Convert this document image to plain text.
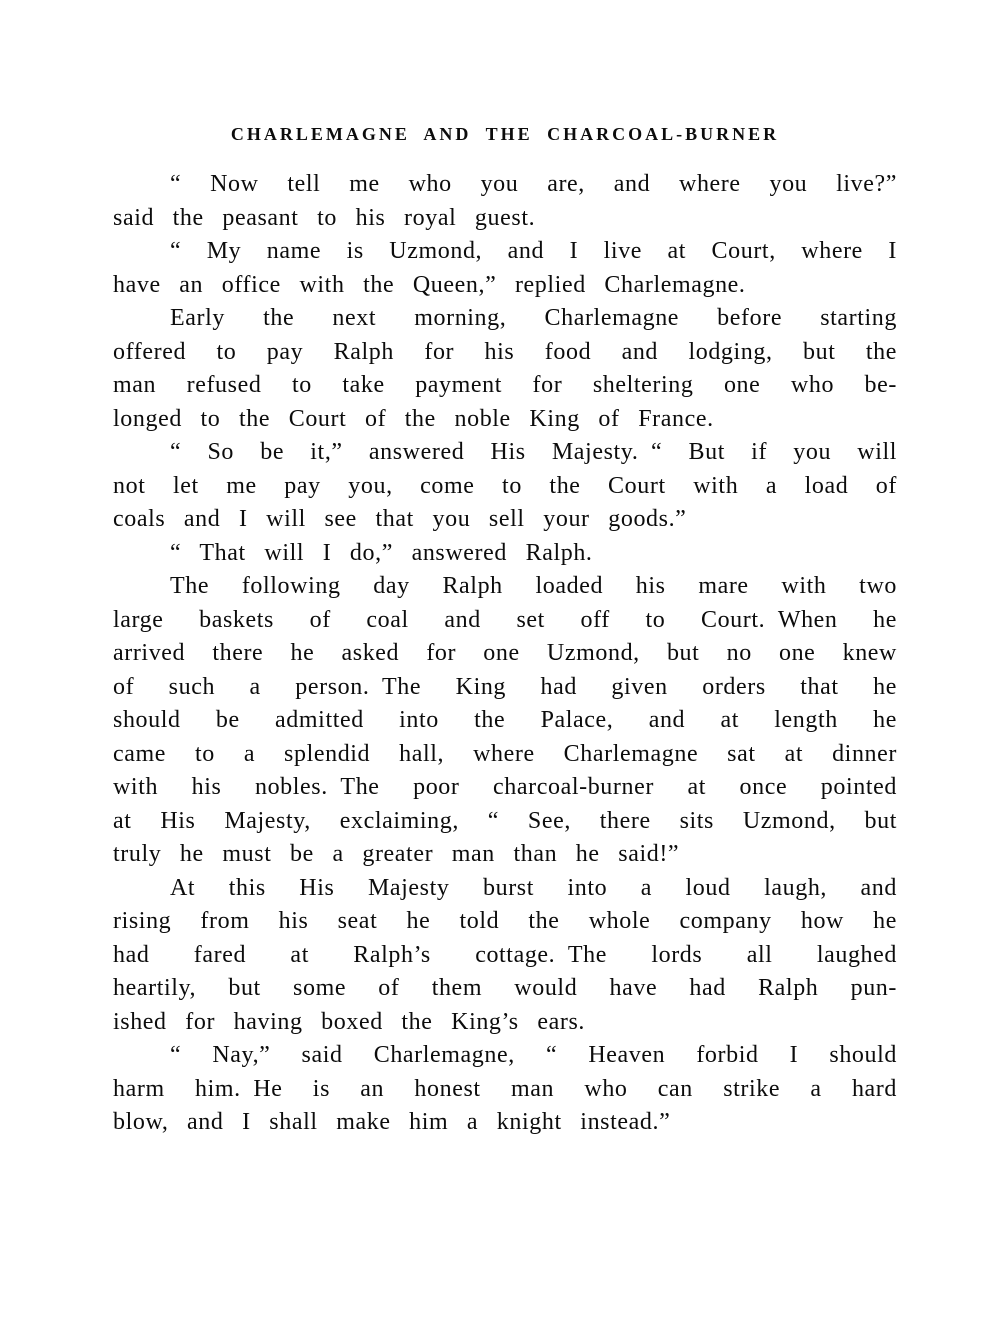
CHARLEMAGNE AND THE CHARCOAL-BURNER
“ Now tell me who you are, and where you live?”
said the peasant to his royal guest.
“ My name is Uzmond, and I live at Court, where I
have an office with the Queen,” replied Charlemagne.
Early the next morning, Charlemagne before starting
offered to pay Ralph for his food and lodging, but the
man refused to take payment for sheltering one who be-
longed to the Court of the noble King of France.
“ So be it,” answered His Majesty. “ But if you will
not let me pay you, come to the Court with a load of
coals and I will see that you sell your goods.”
“ That will I do,” answered Ralph.
The following day Ralph loaded his mare with two
large baskets of coal and set off to Court. When he
arrived there he asked for one Uzmond, but no one knew
of such a person. The King had given orders that he
should be admitted into the Palace, and at length he
came to a splendid hall, where Charlemagne sat at dinner
with his nobles. The poor charcoal-burner at once pointed
at His Majesty, exclaiming, “ See, there sits Uzmond, but
truly he must be a greater man than he said!”
At this His Majesty burst into a loud laugh, and
rising from his seat he told the whole company how he
had fared at Ralph’s cottage. The lords all laughed
heartily, but some of them would have had Ralph pun-
ished for having boxed the King’s ears.
“ Nay,” said Charlemagne, “ Heaven forbid I should
harm him. He is an honest man who can strike a hard
blow, and I shall make him a knight instead.”
